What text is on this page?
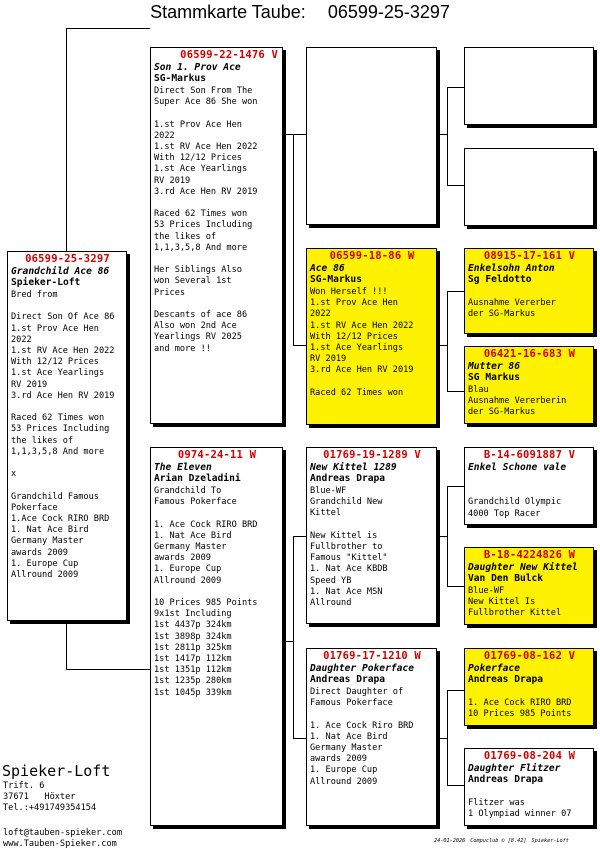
Stammkarte Taube: 06599-25-3297
06599-25-3297
Grandchild Ace 86
Spieker-Loft
Bred from

Direct Son Of Ace 86
1.st Prov Ace Hen
2022
1.st RV Ace Hen 2022
With 12/12 Prices
1.st Ace Yearlings
RV 2019
3.rd Ace Hen RV 2019

Raced 62 Times won
53 Prices Including
the likes of
1,1,3,5,8 And more

x

Grandchild Famous
Pokerface
1.Ace Cock RIRO BRD
1. Nat Ace Bird
Germany Master
awards 2009
1. Europe Cup
Allround 2009
06599-22-1476 V
Son 1. Prov Ace
SG-Markus
Direct Son From The
Super Ace 86 She won

1.st Prov Ace Hen
2022
1.st RV Ace Hen 2022
With 12/12 Prices
1.st Ace Yearlings
RV 2019
3.rd Ace Hen RV 2019

Raced 62 Times won
53 Prices Including
the likes of
1,1,3,5,8 And more

Her Siblings Also
won Several 1st
Prices

Descants of ace 86
Also won 2nd Ace
Yearlings RV 2025
and more !!
0974-24-11 W
The Eleven
Arian Dzeladini
Grandchild To
Famous Pokerface

1. Ace Cock RIRO BRD
1. Nat Ace Bird
Germany Master
awards 2009
1. Europe Cup
Allround 2009

10 Prices 985 Points
9x1st Including
1st 4437p 324km
1st 3898p 324km
1st 2811p 325km
1st 1417p 112km
1st 1351p 112km
1st 1235p 280km
1st 1045p 339km
06599-18-86 W
Ace 86
SG-Markus
Won Herself !!!
1.st Prov Ace Hen
2022
1.st RV Ace Hen 2022
With 12/12 Prices
1.st Ace Yearlings
RV 2019
3.rd Ace Hen RV 2019

Raced 62 Times won
01769-19-1289 V
New Kittel 1289
Andreas Drapa
Blue-WF
Grandchild New
Kittel

New Kittel is
Fullbrother to
Famous "Kittel"
1. Nat Ace KBDB
Speed YB
1. Nat Ace MSN
Allround
01769-17-1210 W
Daughter Pokerface
Andreas Drapa
Direct Daughter of
Famous Pokerface

1. Ace Cock Riro BRD
1. Nat Ace Bird
Germany Master
awards 2009
1. Europe Cup
Allround 2009
08915-17-161 V
Enkelsohn Anton
Sg Feldotto

Ausnahme Vererber
der SG-Markus
06421-16-683 W
Mutter 86
SG Markus
Blau
Ausnahme Vererberin
der SG-Markus
B-14-6091887 V
Enkel Schone vale

Grandchild Olympic
4000 Top Racer
B-18-4224826 W
Daughter New Kittel
Van Den Bulck
Blue-WF
New Kittel Is
Fullbrother Kittel
01769-08-162 V
Pokerface
Andreas Drapa

1. Ace Cock RIRO BRD
10 Prices 985 Points
01769-08-204 W
Daughter Flitzer
Andreas Drapa

Flitzer was
1 Olympiad winner 07
Spieker-Loft
Trift. 6
37671   Höxter
Tel.:+491749354154
loft@tauben-spieker.com
www.Tauben-Spieker.com	24-01-2026 Compuclub © [8.42] Spieker-Loft
